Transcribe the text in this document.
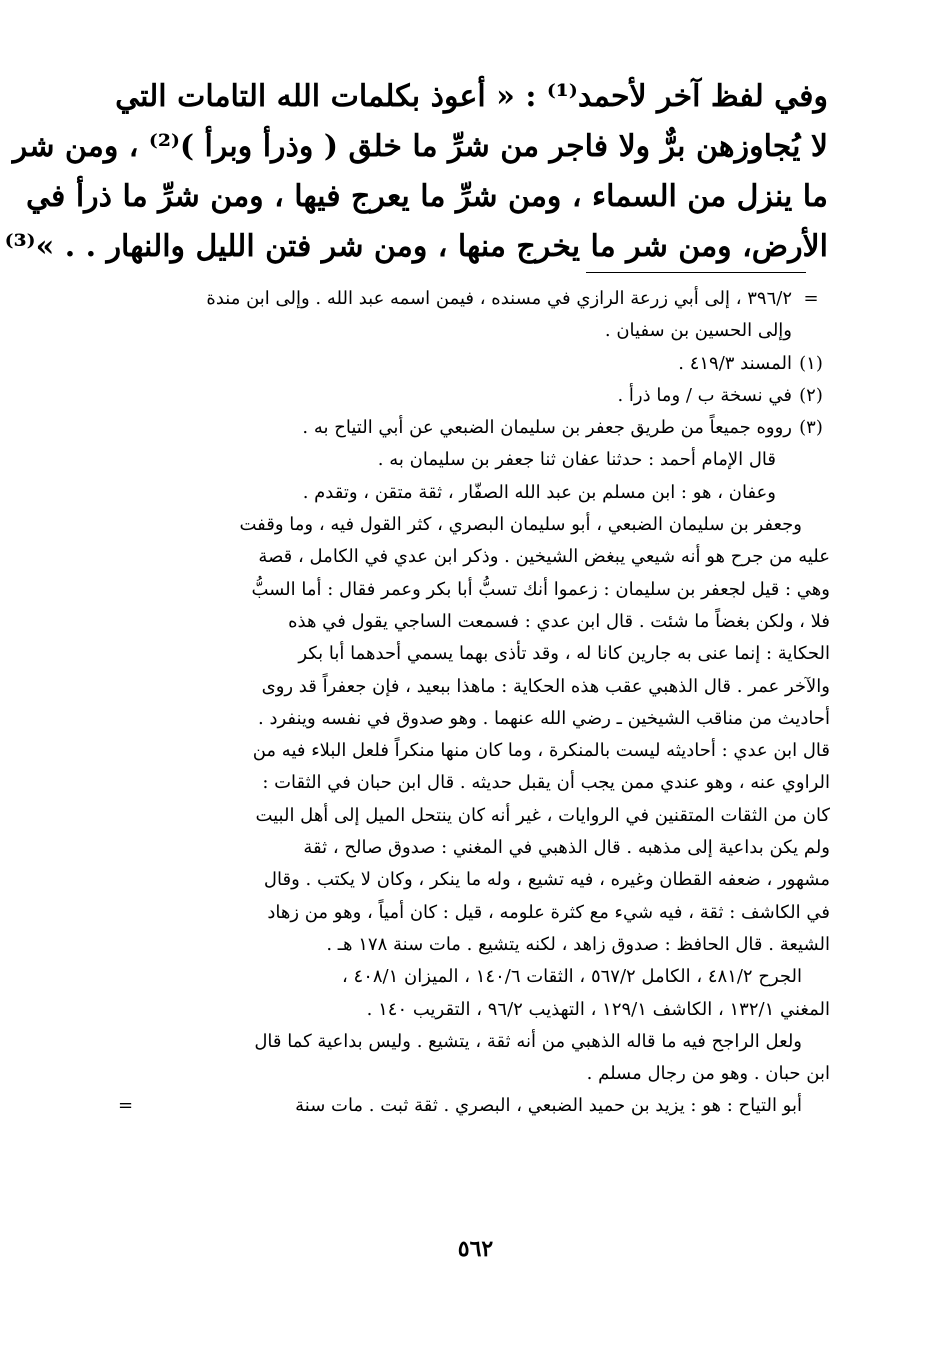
وفي لفظ آخر لأحمد⁽¹⁾ : « أعوذ بكلمات الله التامات التي
لا يُجاوزهن برٌّ ولا فاجر من شرِّ ما خلق ( وذرأ وبرأ )⁽²⁾ ، ومن شر
ما ينزل من السماء ، ومن شرِّ ما يعرج فيها ، ومن شرِّ ما ذرأ في
الأرض، ومن شر ما يخرج منها ، ومن شر فتن الليل والنهار . . »⁽³⁾
=٣٩٦/٢ ، إلى أبي زرعة الرازي في مسنده ، فيمن اسمه عبد الله . وإلى ابن مندة
وإلى الحسين بن سفيان .
(١)المسند ٤١٩/٣ .
(٢)في نسخة ب / وما ذرأ .
(٣)رووه جميعاً من طريق جعفر بن سليمان الضبعي عن أبي التياح به .
قال الإمام أحمد : حدثنا عفان ثنا جعفر بن سليمان به .
وعفان ، هو : ابن مسلم بن عبد الله الصفّار ، ثقة متقن ، وتقدم .
وجعفر بن سليمان الضبعي ، أبو سليمان البصري ، كثر القول فيه ، وما وقفت
عليه من جرح هو أنه شيعي يبغض الشيخين . وذكر ابن عدي في الكامل ، قصة
وهي : قيل لجعفر بن سليمان : زعموا أنك تسبُّ أبا بكر وعمر فقال : أما السبُّ
فلا ، ولكن بغضاً ما شئت . قال ابن عدي : فسمعت الساجي يقول في هذه
الحكاية : إنما عنى به جارين كانا له ، وقد تأذى بهما يسمي أحدهما أبا بكر
والآخر عمر . قال الذهبي عقب هذه الحكاية : ماهذا ببعيد ، فإن جعفراً قد روى
أحاديث من مناقب الشيخين ـ رضي الله عنهما . وهو صدوق في نفسه وينفرد .
قال ابن عدي : أحاديثه ليست بالمنكرة ، وما كان منها منكراً فلعل البلاء فيه من
الراوي عنه ، وهو عندي ممن يجب أن يقبل حديثه . قال ابن حبان في الثقات :
كان من الثقات المتقنين في الروايات ، غير أنه كان ينتحل الميل إلى أهل البيت
ولم يكن بداعية إلى مذهبه . قال الذهبي في المغني : صدوق صالح ، ثقة
مشهور ، ضعفه القطان وغيره ، فيه تشيع ، وله ما ينكر ، وكان لا يكتب . وقال
في الكاشف : ثقة ، فيه شيء مع كثرة علومه ، قيل : كان أمياً ، وهو من زهاد
الشيعة . قال الحافظ : صدوق زاهد ، لكنه يتشيع . مات سنة ١٧٨ هـ .
الجرح ٤٨١/٢ ، الكامل ٥٦٧/٢ ، الثقات ١٤٠/٦ ، الميزان ٤٠٨/١ ،
المغني ١٣٢/١ ، الكاشف ١٢٩/١ ، التهذيب ٩٦/٢ ، التقريب ١٤٠ .
ولعل الراجح فيه ما قاله الذهبي من أنه ثقة ، يتشيع . وليس بداعية كما قال
ابن حبان . وهو من رجال مسلم .
أبو التياح : هو : يزيد بن حميد الضبعي ، البصري . ثقة ثبت . مات سنة
=
٥٦٢
